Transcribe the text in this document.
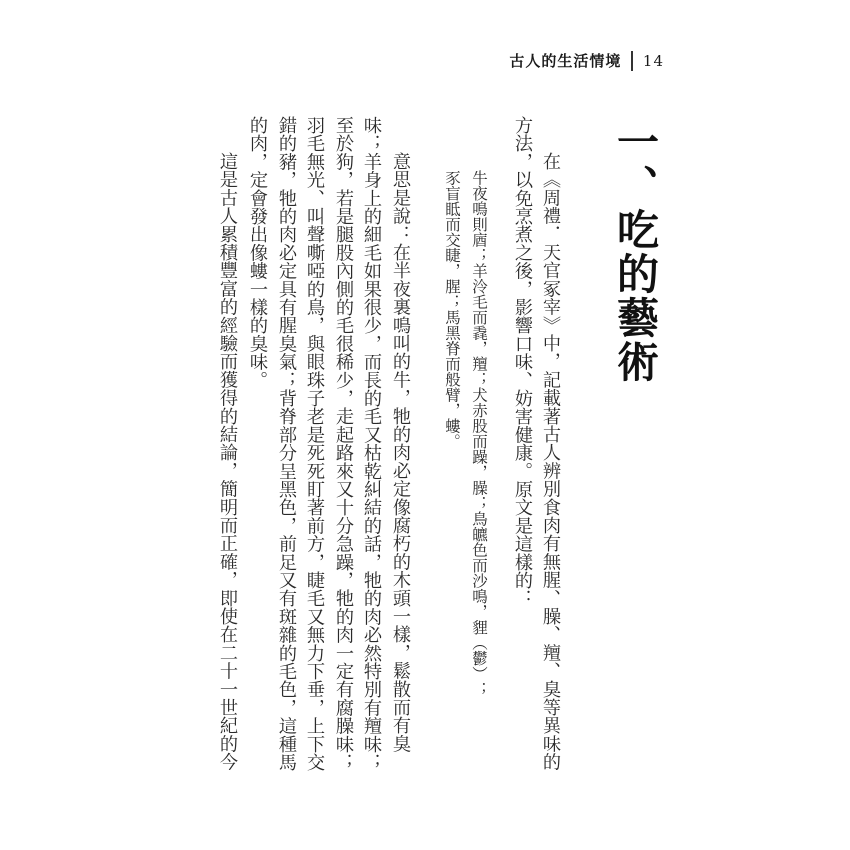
古人的生活情境 14
一、吃的藝術
在《周禮．天官冢宰》中，記載著古人辨別食肉有無腥、臊、羶、臭等異味的
方法，以免烹煮之後，影響口味、妨害健康。原文是這樣的：
牛夜鳴則庮；羊泠毛而毳，羶；犬赤股而躁，臊；鳥皫色而沙鳴，貍（鬱）；
豕盲眡而交睫，腥；馬黑脊而般臂，螻。
意思是說：在半夜裏鳴叫的牛，牠的肉必定像腐朽的木頭一樣，鬆散而有臭
味；羊身上的細毛如果很少，而長的毛又枯乾糾結的話，牠的肉必然特別有羶味；
至於狗，若是腿股內側的毛很稀少，走起路來又十分急躁，牠的肉一定有腐臊味；
羽毛無光、叫聲嘶啞的鳥，與眼珠子老是死死盯著前方，睫毛又無力下垂，上下交
錯的豬，牠的肉必定具有腥臭氣；背脊部分呈黑色，前足又有斑雜的毛色，這種馬
的肉，定會發出像螻一樣的臭味。
這是古人累積豐富的經驗而獲得的結論，簡明而正確，即使在二十一世紀的今
